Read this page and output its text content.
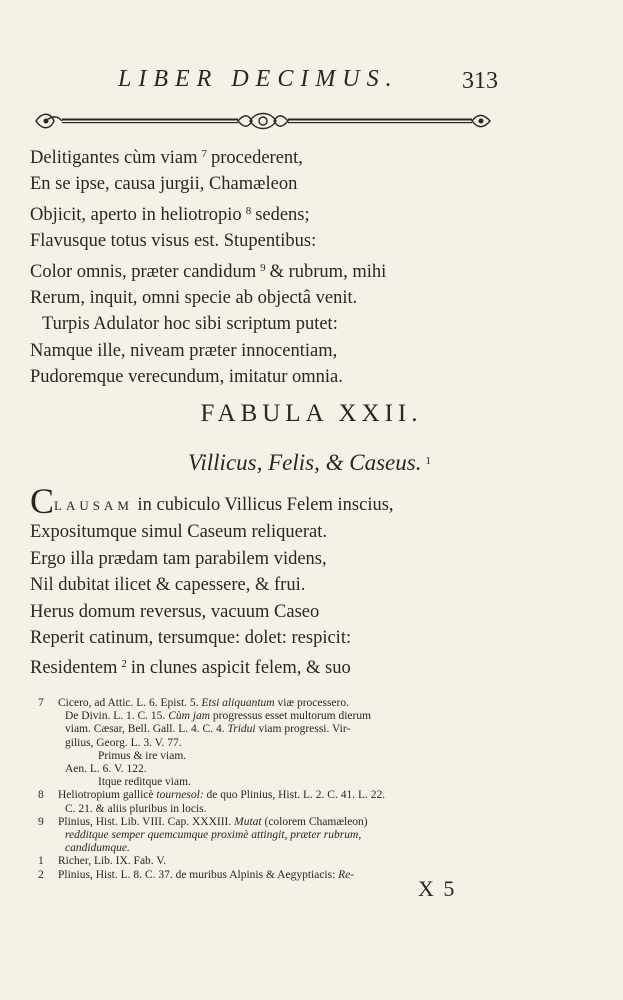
LIBER DECIMUS.	313
Delitigantes cùm viam $^7$ procederent,
En se ipse, causa jurgii, Chamæleon
Objicit, aperto in heliotropio $^8$ sedens;
Flavusque totus visus est. Stupentibus:
Color omnis, præter candidum $^9$ & rubrum, mihi
Rerum, inquit, omni specie ab objectâ venit.
Turpis Adulator hoc sibi scriptum putet:
Namque ille, niveam præter innocentiam,
Pudoremque verecundum, imitatur omnia.
FABULA XXII.
Villicus, Felis, & Caseus. $^1$
CLAUSAM in cubiculo Villicus Felem inscius,
Expositumque simul Caseum reliquerat.
Ergo illa prædam tam parabilem videns,
Nil dubitat ilicet & capessere, & frui.
Herus domum reversus, vacuum Caseo
Reperit catinum, tersumque: dolet: respicit:
Residentem $^2$ in clunes aspicit felem, & suo
7 Cicero, ad Attic. L. 6. Epist. 5. Etsi aliquantum viæ processero.
De Divin. L. 1. C. 15. Cùm jam progressus esset multorum dierum
viam. Cæsar, Bell. Gall. L. 4. C. 4. Tridui viam progressi. Vir-
gilius, Georg. L. 3. V. 77.
Primus & ire viam.
Aen. L. 6. V. 122.
Itque reditque viam.
8 Heliotropium gallicè tournesol: de quo Plinius, Hist. L. 2. C. 41. L. 22.
C. 21. & aliis pluribus in locis.
9 Plinius, Hist. Lib. VIII. Cap. XXXIII. Mutat (colorem Chamæleon)
redditque semper quemcumque proximè attingit, præter rubrum,
candidumque.
1 Richer, Lib. IX. Fab. V.
2 Plinius, Hist. L. 8. C. 37. de muribus Alpinis & Aegyptiacis: Re-
X 5
